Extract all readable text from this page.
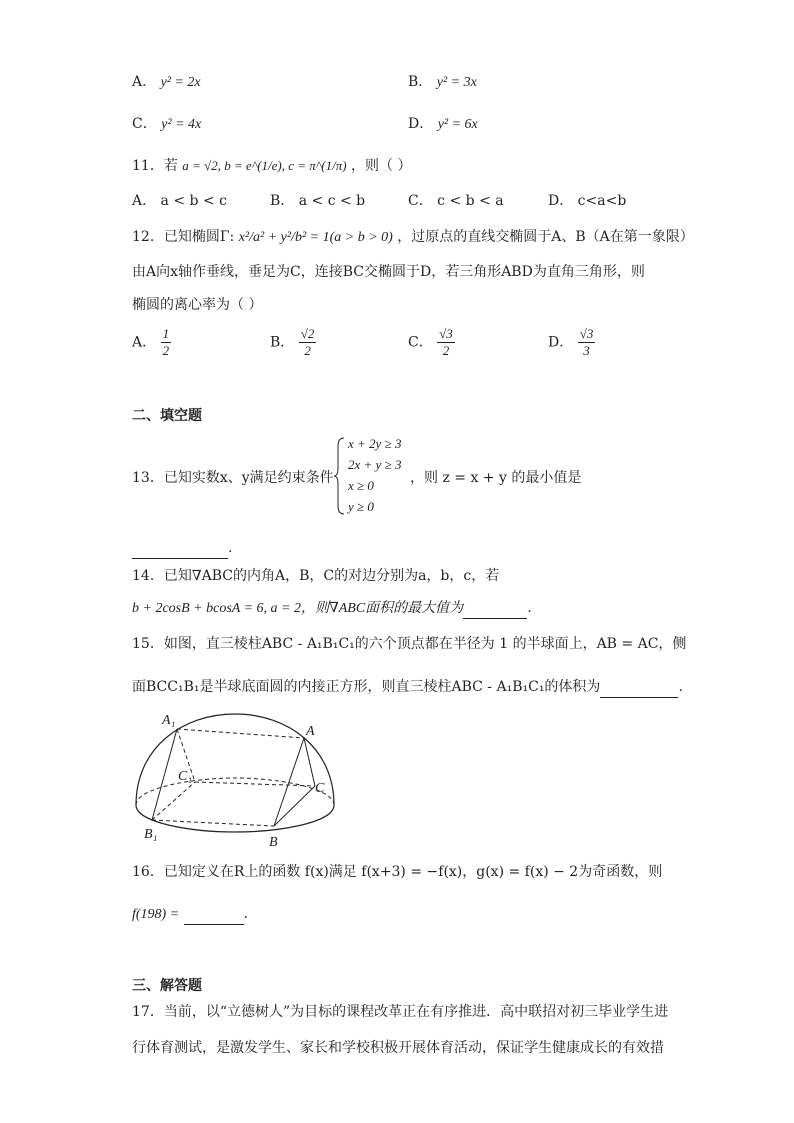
A． y² = 2x	B． y² = 3x
C． y² = 4x	D． y² = 6x
11．若 a = √2, b = e^(1/e), c = π^(1/π) ，则（ ）
A． a < b < c	B． a < c < b	C． c < b < a	D． c<a<b
12．已知椭圆Γ: x²/a² + y²/b² = 1(a > b > 0) ，过原点的直线交椭圆于A、B（A在第一象限）
由A向x轴作垂线，垂足为C，连接BC交椭圆于D，若三角形ABD为直角三角形，则
椭圆的离心率为（ ）
A． $\frac{1}{2}$	B． $\frac{√2}{2}$	C． $\frac{√3}{2}$	D． $\frac{√3}{3}$
二、填空题
13．已知实数x、y满足约束条件
x + 2y ≥ 3
2x + y ≥ 3
x ≥ 0
y ≥ 0
，则 z = x + y 的最小值是
.
14．已知∇ABC的内角A，B，C的对边分别为a，b，c，若
b + 2cosB + bcosA = 6, a = 2，则∇ABC面积的最大值为	.
15．如图，直三棱柱ABC - A₁B₁C₁的六个顶点都在半径为 1 的半球面上，AB = AC，侧
面BCC₁B₁是半球底面圆的内接正方形，则直三棱柱ABC - A₁B₁C₁的体积为	.
A₁
A
C₁
C
B₁
B
16．已知定义在R上的函数 f(x)满足 f(x+3) = −f(x)，g(x) = f(x) − 2为奇函数，则
f(198) =	.
三、解答题
17．当前，以“立德树人”为目标的课程改革正在有序推进．高中联招对初三毕业学生进
行体育测试，是激发学生、家长和学校积极开展体育活动，保证学生健康成长的有效措
